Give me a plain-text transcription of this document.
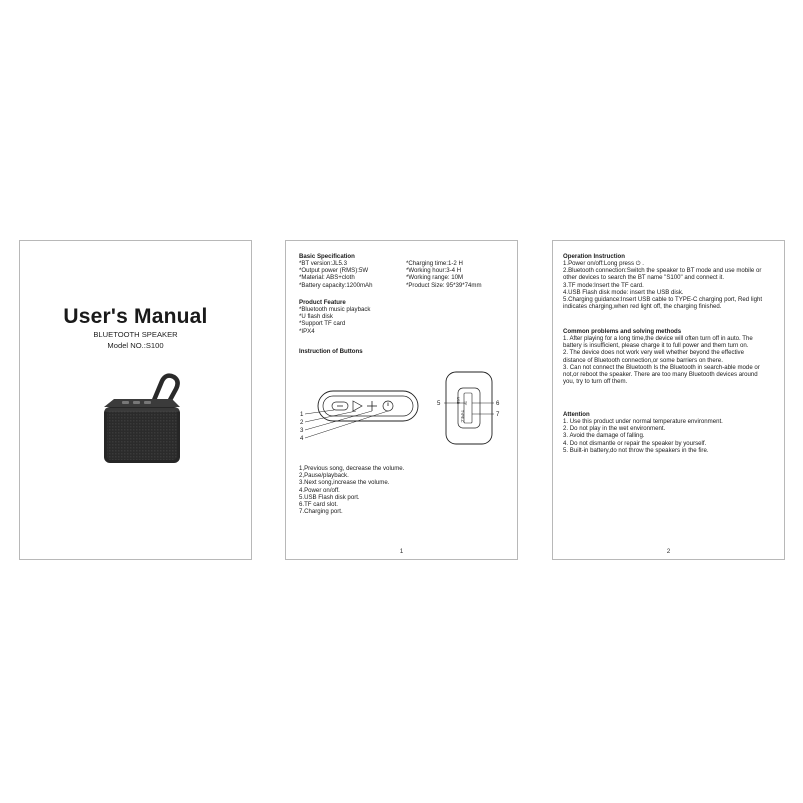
User's Manual
BLUETOOTH SPEAKER
Model NO.:S100
Basic Specification
*BT version:JL5.3
*Output power (RMS):5W
*Material: ABS+cloth
*Battery capacity:1200mAh
*Charging time:1-2 H
*Working hour:3-4 H
*Working range: 10M
*Product Size: 95*39*74mm
Product Feature
*Bluetooth music playback
*U flash disk
*Support TF card
*IPX4
Instruction of Buttons
1
2
3
4
5	6
7
USB TF
TYPE-C
1,Previous song, decrease the volume.
2,Pause/playback.
3.Next song,increase the volume.
4.Power on/off.
5.USB Flash disk port.
6.TF card slot.
7.Charging port.
1
Operation Instruction
1.Power on/off:Long press ⏻ .
2.Bluetooth connection:Switch the speaker to BT mode and use mobile or other devices to search the BT name "S100" and connect it.
3.TF mode:Insert the TF card.
4.USB Flash disk mode: insert the USB disk.
5.Charging guidance:Insert USB cable to TYPE-C charging port, Red light indicates charging,when red light off, the charging finished.
Common problems and solving methods
1. After playing for a long time,the device will often turn off in auto. The battery is insufficient, please charge it to full power and them turn on.
2. The device does not work very well whether beyond the effective distance of Bluetooth connection,or some barriers on there.
3. Can not connect the Bluetooth Is the Bluetooth in search-able mode or not,or reboot the speaker. There are too many Bluetooth devices around you, try to turn off them.
Attention
1. Use this product under normal temperature environment.
2. Do not play in the wet environment.
3. Avoid the damage of falling.
4. Do not dismantle or repair the speaker by yourself.
5. Built-in battery,do not throw the speakers in the fire.
2
